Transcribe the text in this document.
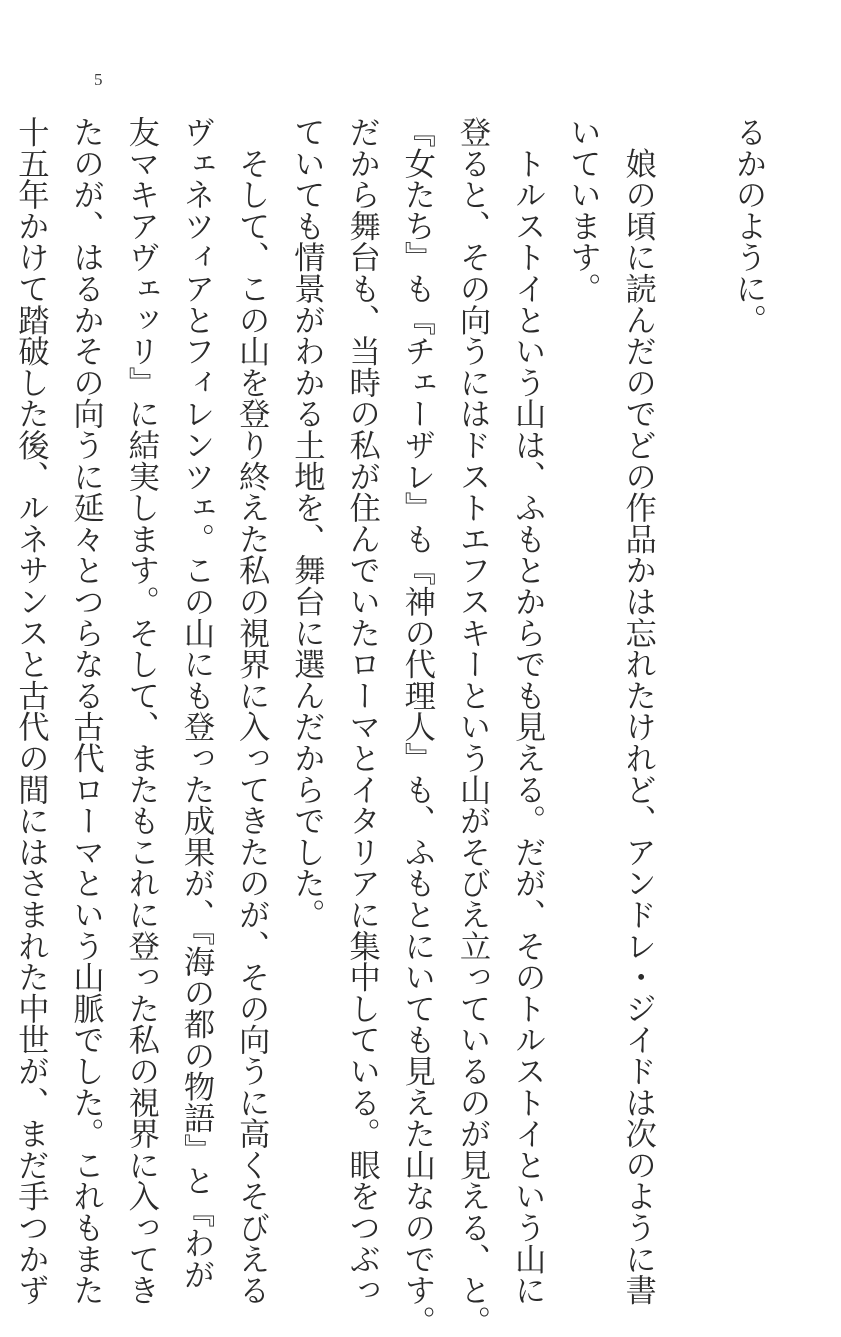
5
るかのように。
　娘の頃に読んだのでどの作品かは忘れたけれど、アンドレ・ジイドは次のように書
いています。
　トルストイという山は、ふもとからでも見える。だが、そのトルストイという山に
登ると、その向うにはドストエフスキーという山がそびえ立っているのが見える、と。
『女たち』も『チェーザレ』も『神の代理人』も、ふもとにいても見えた山なのです。
だから舞台も、当時の私が住んでいたローマとイタリアに集中している。眼をつぶっ
ていても情景がわかる土地を、舞台に選んだからでした。
　そして、この山を登り終えた私の視界に入ってきたのが、その向うに高くそびえる
ヴェネツィアとフィレンツェ。この山にも登った成果が、『海の都の物語』と『わが
友マキアヴェッリ』に結実します。そして、またもこれに登った私の視界に入ってき
たのが、はるかその向うに延々とつらなる古代ローマという山脈でした。これもまた
十五年かけて踏破した後、ルネサンスと古代の間にはさまれた中世が、まだ手つかず
